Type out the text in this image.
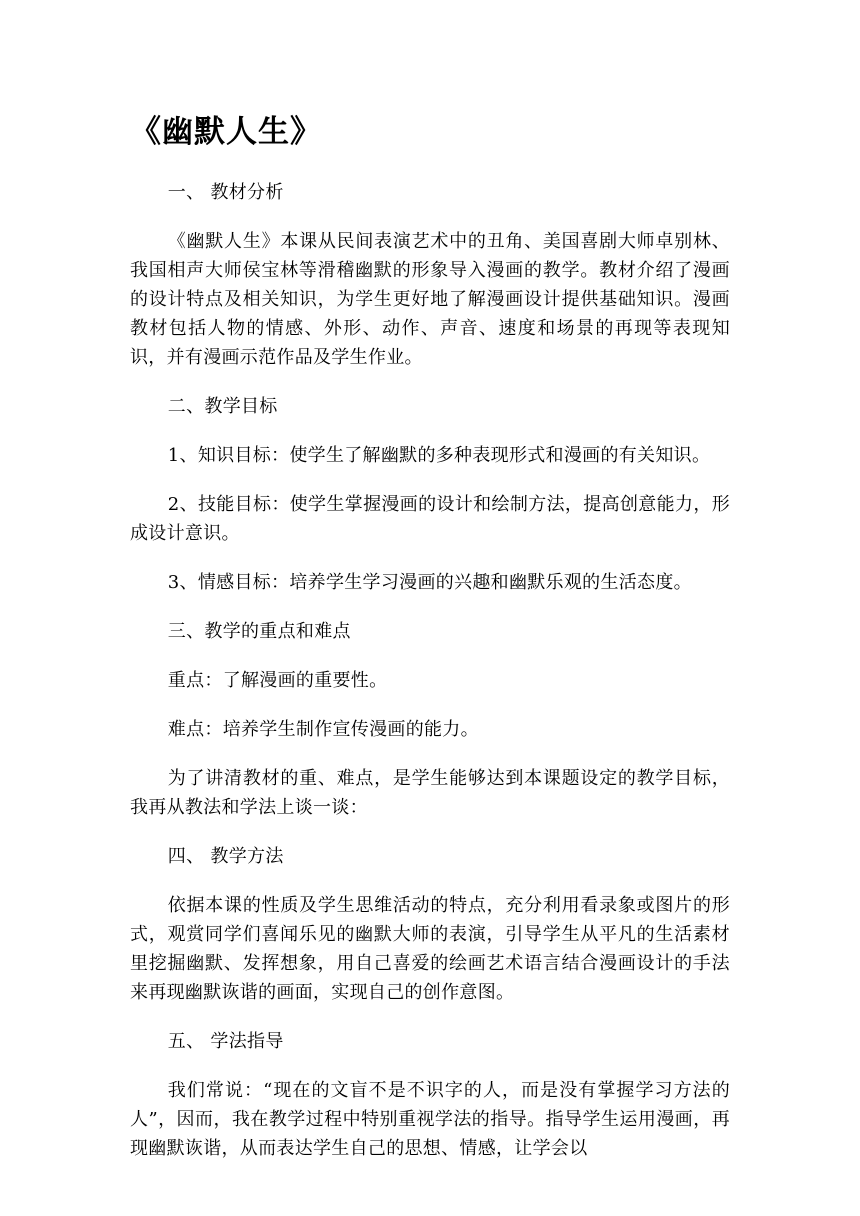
《幽默人生》

一、 教材分析

《幽默人生》本课从民间表演艺术中的丑角、美国喜剧大师卓别林、我国相声大师侯宝林等滑稽幽默的形象导入漫画的教学。教材介绍了漫画的设计特点及相关知识，为学生更好地了解漫画设计提供基础知识。漫画教材包括人物的情感、外形、动作、声音、速度和场景的再现等表现知识，并有漫画示范作品及学生作业。

二、教学目标

1、知识目标：使学生了解幽默的多种表现形式和漫画的有关知识。

2、技能目标：使学生掌握漫画的设计和绘制方法，提高创意能力，形成设计意识。

3、情感目标：培养学生学习漫画的兴趣和幽默乐观的生活态度。

三、教学的重点和难点

重点：了解漫画的重要性。

难点：培养学生制作宣传漫画的能力。

为了讲清教材的重、难点，是学生能够达到本课题设定的教学目标，我再从教法和学法上谈一谈：

四、 教学方法

依据本课的性质及学生思维活动的特点，充分利用看录象或图片的形式，观赏同学们喜闻乐见的幽默大师的表演，引导学生从平凡的生活素材里挖掘幽默、发挥想象，用自己喜爱的绘画艺术语言结合漫画设计的手法来再现幽默诙谐的画面，实现自己的创作意图。

五、 学法指导

我们常说：“现在的文盲不是不识字的人，而是没有掌握学习方法的人”，因而，我在教学过程中特别重视学法的指导。指导学生运用漫画，再现幽默诙谐，从而表达学生自己的思想、情感，让学会以
